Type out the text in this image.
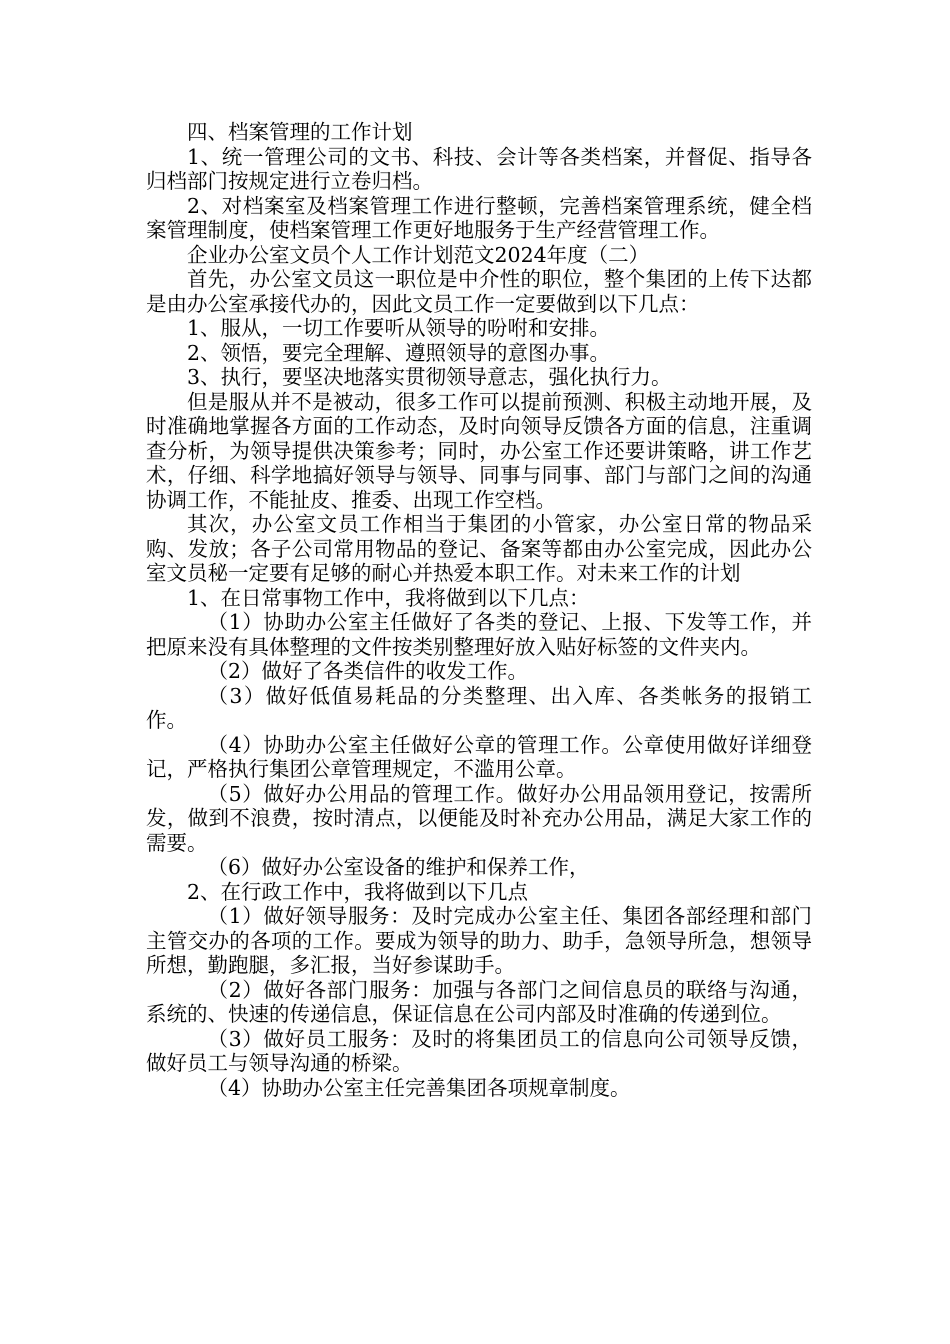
四、档案管理的工作计划

1、统一管理公司的文书、科技、会计等各类档案，并督促、指导各归档部门按规定进行立卷归档。

2、对档案室及档案管理工作进行整顿，完善档案管理系统，健全档案管理制度，使档案管理工作更好地服务于生产经营管理工作。

企业办公室文员个人工作计划范文2024年度（二）

首先，办公室文员这一职位是中介性的职位，整个集团的上传下达都是由办公室承接代办的，因此文员工作一定要做到以下几点：

1、服从，一切工作要听从领导的吩咐和安排。

2、领悟，要完全理解、遵照领导的意图办事。

3、执行，要坚决地落实贯彻领导意志，强化执行力。

但是服从并不是被动，很多工作可以提前预测、积极主动地开展，及时准确地掌握各方面的工作动态，及时向领导反馈各方面的信息，注重调查分析，为领导提供决策参考；同时，办公室工作还要讲策略，讲工作艺术，仔细、科学地搞好领导与领导、同事与同事、部门与部门之间的沟通协调工作，不能扯皮、推委、出现工作空档。

其次，办公室文员工作相当于集团的小管家，办公室日常的物品采购、发放；各子公司常用物品的登记、备案等都由办公室完成，因此办公室文员秘一定要有足够的耐心并热爱本职工作。对未来工作的计划

1、在日常事物工作中，我将做到以下几点：

（1）协助办公室主任做好了各类的登记、上报、下发等工作，并把原来没有具体整理的文件按类别整理好放入贴好标签的文件夹内。

（2）做好了各类信件的收发工作。

（3）做好低值易耗品的分类整理、出入库、各类帐务的报销工作。

（4）协助办公室主任做好公章的管理工作。公章使用做好详细登记，严格执行集团公章管理规定，不滥用公章。

（5）做好办公用品的管理工作。做好办公用品领用登记，按需所发，做到不浪费，按时清点，以便能及时补充办公用品，满足大家工作的需要。

（6）做好办公室设备的维护和保养工作，

2、在行政工作中，我将做到以下几点

（1）做好领导服务：及时完成办公室主任、集团各部经理和部门主管交办的各项的工作。要成为领导的助力、助手，急领导所急，想领导所想，勤跑腿，多汇报，当好参谋助手。

（2）做好各部门服务：加强与各部门之间信息员的联络与沟通，系统的、快速的传递信息，保证信息在公司内部及时准确的传递到位。

（3）做好员工服务：及时的将集团员工的信息向公司领导反馈，做好员工与领导沟通的桥梁。

（4）协助办公室主任完善集团各项规章制度。
